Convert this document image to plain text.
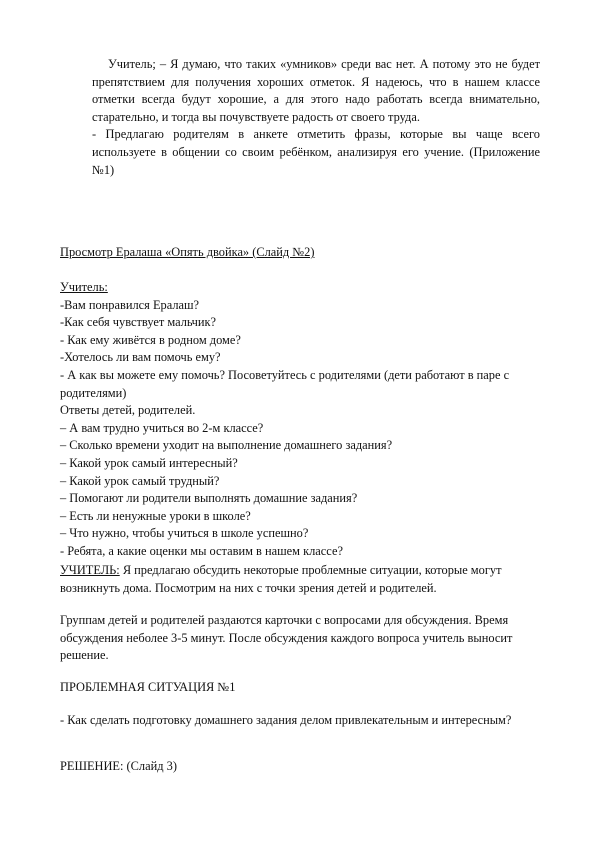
Учитель; – Я думаю, что таких «умников» среди вас нет. А потому это не будет препятствием для получения хороших отметок. Я надеюсь, что в нашем классе отметки всегда будут хорошие, а для этого надо работать всегда внимательно, старательно, и тогда вы почувствуете радость от своего труда.

- Предлагаю родителям в анкете отметить фразы, которые вы чаще всего используете в общении со своим ребёнком, анализируя его учение. (Приложение №1)

Просмотр Ералаша «Опять двойка» (Слайд №2)

Учитель:

-Вам понравился Ералаш?
-Как себя чувствует мальчик?
- Как ему живётся в родном доме?
-Хотелось ли вам помочь ему?
- А как вы можете ему помочь? Посоветуйтесь с родителями (дети работают в паре с родителями)
Ответы детей, родителей.
– А вам трудно учиться во 2-м классе?
– Сколько времени уходит на выполнение домашнего задания?
– Какой урок самый интересный?
– Какой урок самый трудный?
– Помогают ли родители выполнять домашние задания?
– Есть ли ненужные уроки в школе?
– Что нужно, чтобы учиться в школе успешно?
- Ребята, а какие оценки мы оставим в нашем классе?

УЧИТЕЛЬ: Я предлагаю обсудить некоторые проблемные ситуации, которые могут возникнуть дома. Посмотрим на них с точки зрения детей и родителей.

Группам детей и родителей раздаются карточки с вопросами для обсуждения. Время обсуждения неболее 3-5 минут. После обсуждения каждого вопроса учитель выносит решение.

ПРОБЛЕМНАЯ СИТУАЦИЯ №1

- Как сделать подготовку домашнего задания делом привлекательным и интересным?

РЕШЕНИЕ: (Слайд 3)
